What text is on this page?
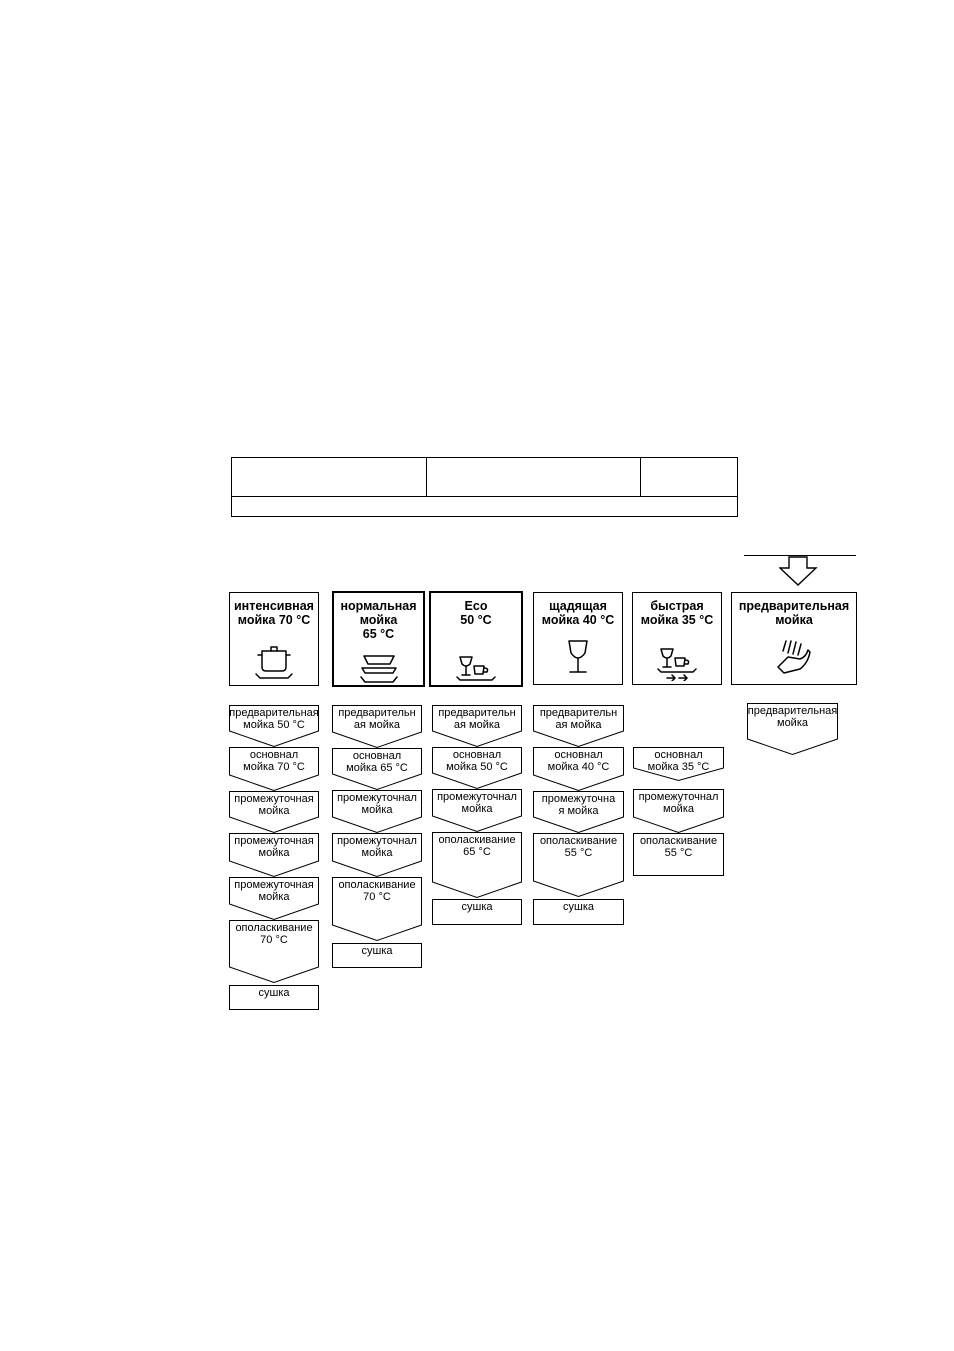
интенсивная
мойка 70 °C
нормальная
мойка
65 °C
Eco
50 °C
щадящая
мойка 40 °C
быстрая
мойка 35 °C
предварительная
мойка
предварительная
мойка 50 °C
основнал
мойка 70 °C
промежуточная
мойка
промежуточная
мойка
промежуточная
мойка
ополаскивание
70 °C
сушка
предварительн
ая мойка
основнал
мойка 65 °C
промежуточнал
мойка
промежуточнал
мойка
ополаскивание
70 °C
сушка
предварительн
ая мойка
основнал
мойка 50 °C
промежуточнал
мойка
ополаскивание
65 °C
сушка
предварительн
ая мойка
основнал
мойка 40 °C
промежуточна
я мойка
ополаскивание
55 °C
сушка
основнал
мойка 35 °C
промежуточнал
мойка
ополаскивание
55 °C
предварительная
мойка
